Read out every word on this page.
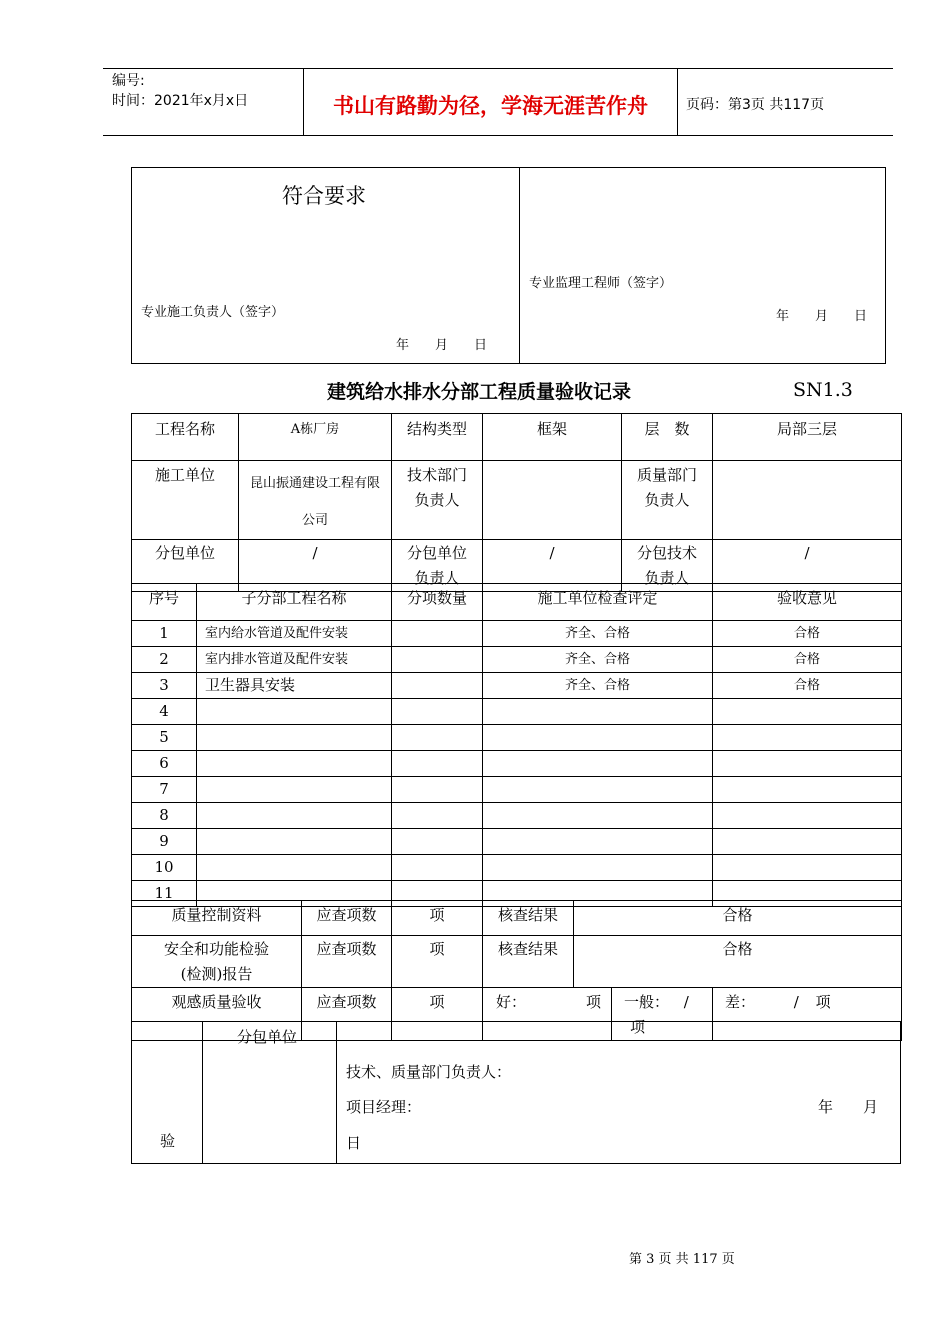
编号:
时间：2021年x月x日	书山有路勤为径，学海无涯苦作舟	页码：第3页 共117页
符合要求
专业施工负责人（签字）
年　　月　　日
专业监理工程师（签字）
年　　月　　日
建筑给水排水分部工程质量验收记录	SN1.3
工程名称	A栋厂房	结构类型	框架	层　数	局部三层
施工单位	昆山振通建设工程有限公司	技术部门负责人		质量部门负责人	
分包单位	/	分包单位负责人	/	分包技术负责人	/
序号	子分部工程名称	分项数量	施工单位检查评定	验收意见
1	室内给水管道及配件安装		齐全、合格	合格
2	室内排水管道及配件安装		齐全、合格	合格
3	卫生器具安装		齐全、合格	合格
4				
5				
6				
7				
8				
9				
10				
11				
质量控制资料	应查项数	项	核查结果	合格		
安全和功能检验(检测)报告	应查项数	项	核查结果	合格		
观感质量验收	应查项数	项	好： 项		一般： / 项	差： / 项
验
分包单位
技术、质量部门负责人：
项目经理：	年　　月
日
第 3 页 共 117 页
